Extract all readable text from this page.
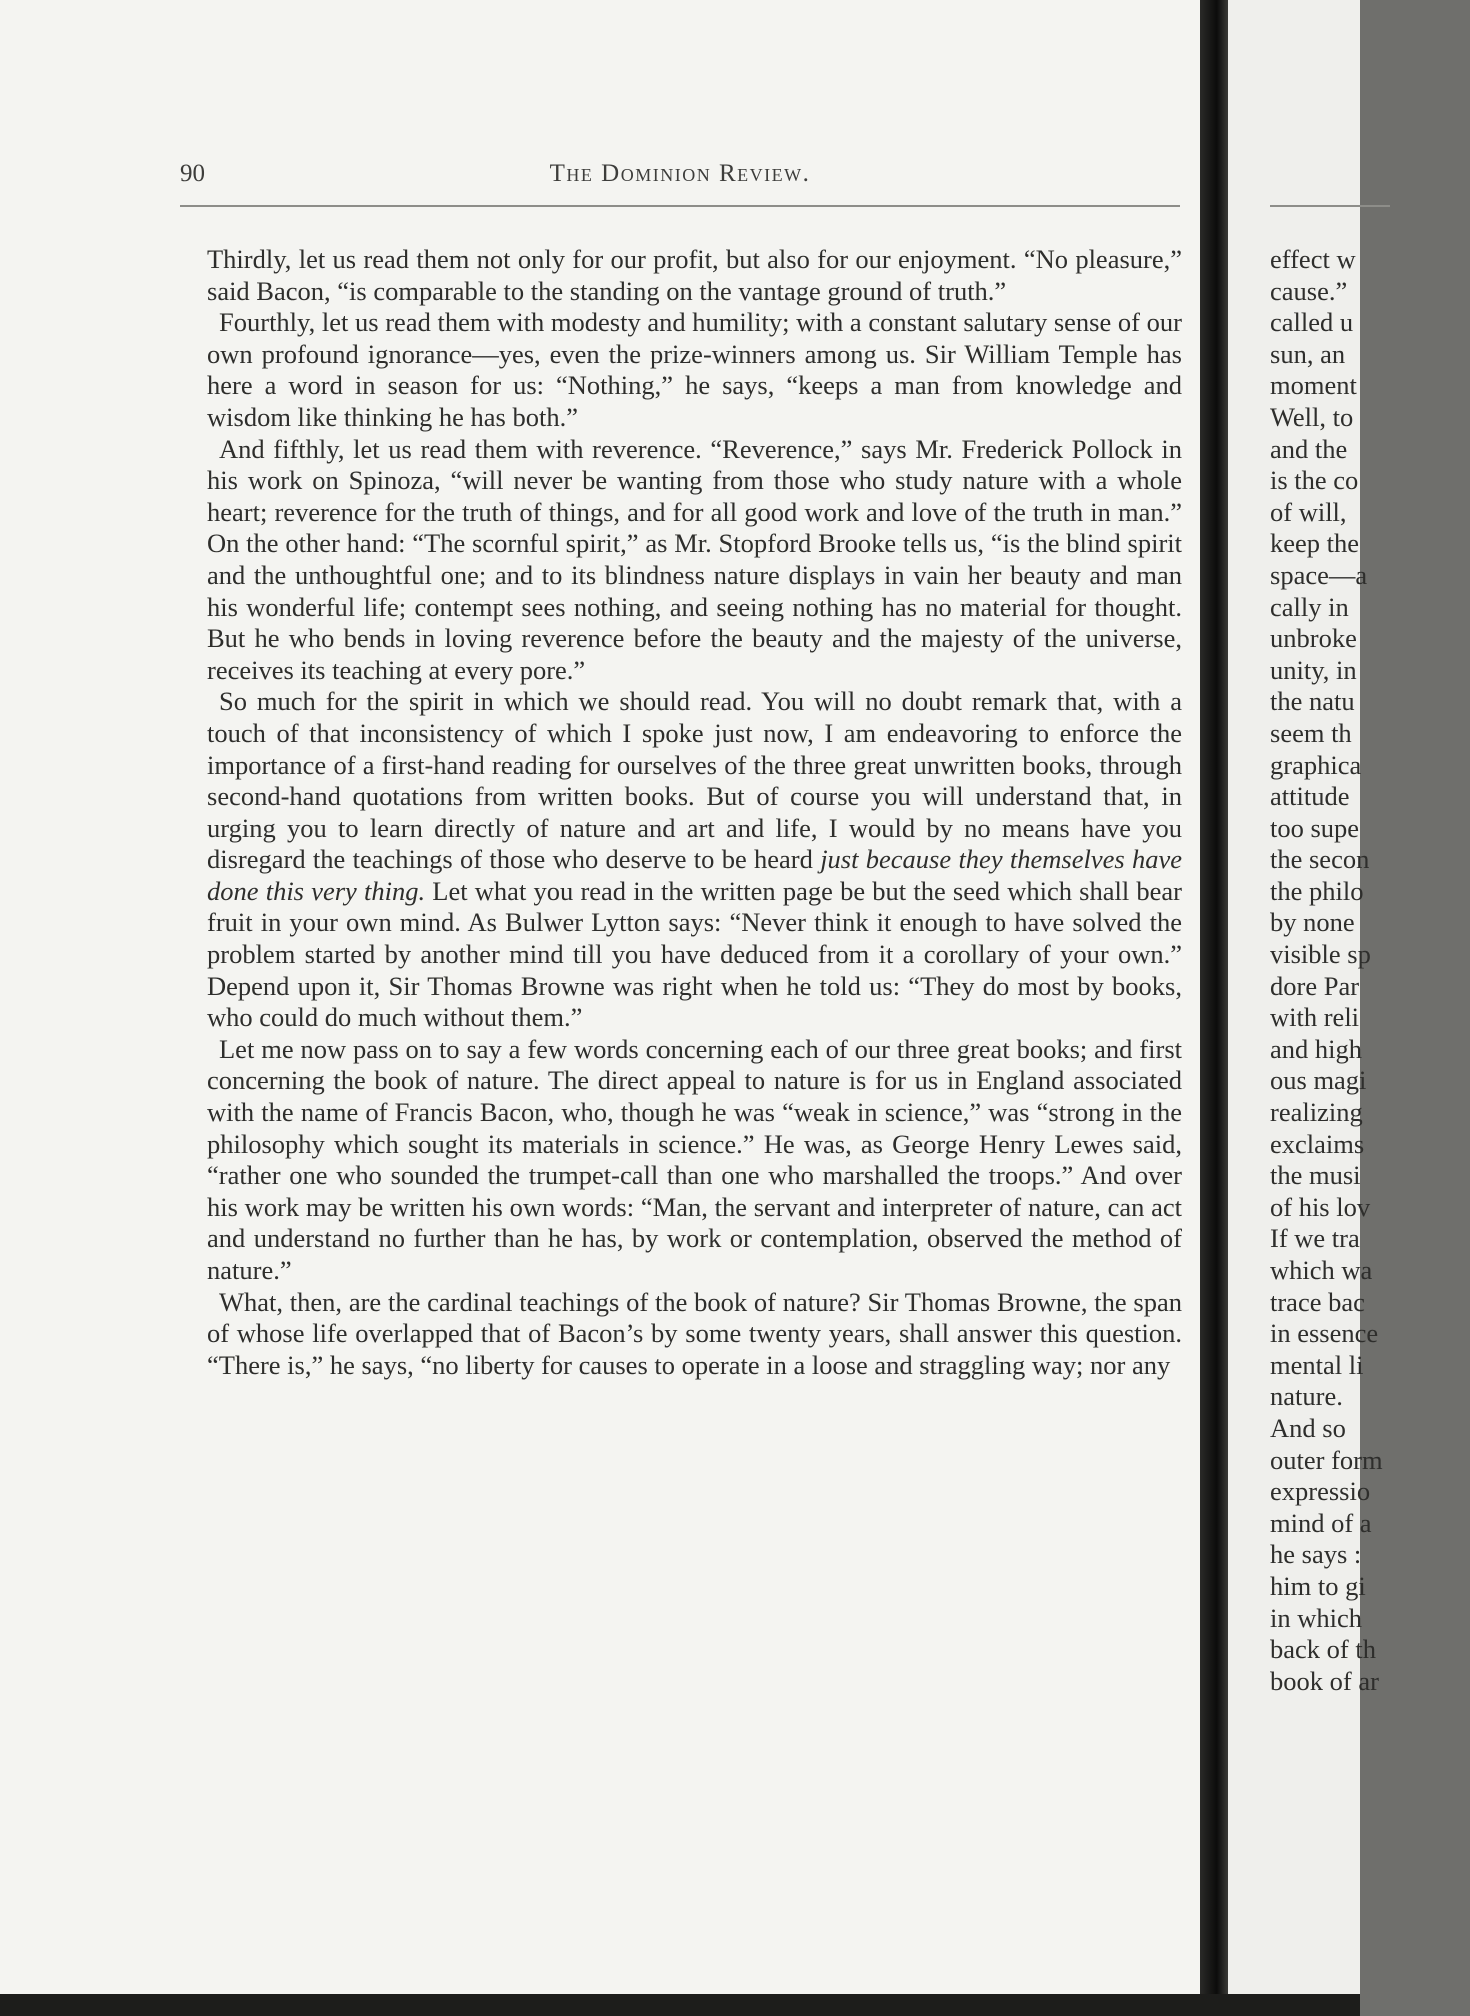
90	The Dominion Review.

Thirdly, let us read them not only for our profit, but also for our enjoyment. “No pleasure,” said Bacon, “is comparable to the standing on the vantage ground of truth.”

Fourthly, let us read them with modesty and humility; with a constant salutary sense of our own profound ignorance—yes, even the prize-winners among us. Sir William Temple has here a word in season for us: “Nothing,” he says, “keeps a man from knowledge and wisdom like thinking he has both.”

And fifthly, let us read them with reverence. “Reverence,” says Mr. Frederick Pollock in his work on Spinoza, “will never be wanting from those who study nature with a whole heart; reverence for the truth of things, and for all good work and love of the truth in man.” On the other hand: “The scornful spirit,” as Mr. Stopford Brooke tells us, “is the blind spirit and the unthoughtful one; and to its blindness nature displays in vain her beauty and man his wonderful life; contempt sees nothing, and seeing nothing has no material for thought. But he who bends in loving reverence before the beauty and the majesty of the universe, receives its teaching at every pore.”

So much for the spirit in which we should read. You will no doubt remark that, with a touch of that inconsistency of which I spoke just now, I am endeavoring to enforce the importance of a first-hand reading for ourselves of the three great unwritten books, through second-hand quotations from written books. But of course you will understand that, in urging you to learn directly of nature and art and life, I would by no means have you disregard the teachings of those who deserve to be heard just because they themselves have done this very thing. Let what you read in the written page be but the seed which shall bear fruit in your own mind. As Bulwer Lytton says: “Never think it enough to have solved the problem started by another mind till you have deduced from it a corollary of your own.” Depend upon it, Sir Thomas Browne was right when he told us: “They do most by books, who could do much without them.”

Let me now pass on to say a few words concerning each of our three great books; and first concerning the book of nature. The direct appeal to nature is for us in England associated with the name of Francis Bacon, who, though he was “weak in science,” was “strong in the philosophy which sought its materials in science.” He was, as George Henry Lewes said, “rather one who sounded the trumpet-call than one who marshalled the troops.” And over his work may be written his own words: “Man, the servant and interpreter of nature, can act and understand no further than he has, by work or contemplation, observed the method of nature.”

What, then, are the cardinal teachings of the book of nature? Sir Thomas Browne, the span of whose life overlapped that of Bacon’s by some twenty years, shall answer this question. “There is,” he says, “no liberty for causes to operate in a loose and straggling way; nor any

effect w
cause.”
called u
sun, an
moment
Well, to
and the
is the co
of will,
keep the
space—a
cally in
unbroke
unity, in
the natu
seem th
graphica
attitude
too supe
the secon
the philo
by none
visible sp
dore Par
with reli
and high
ous magi
realizing
exclaims
the musi
of his lov
If we tra
which wa
trace bac
in essence
mental li
nature.
And so
outer form
expressio
mind of a
he says :
him to gi
in which
back of th
book of ar
